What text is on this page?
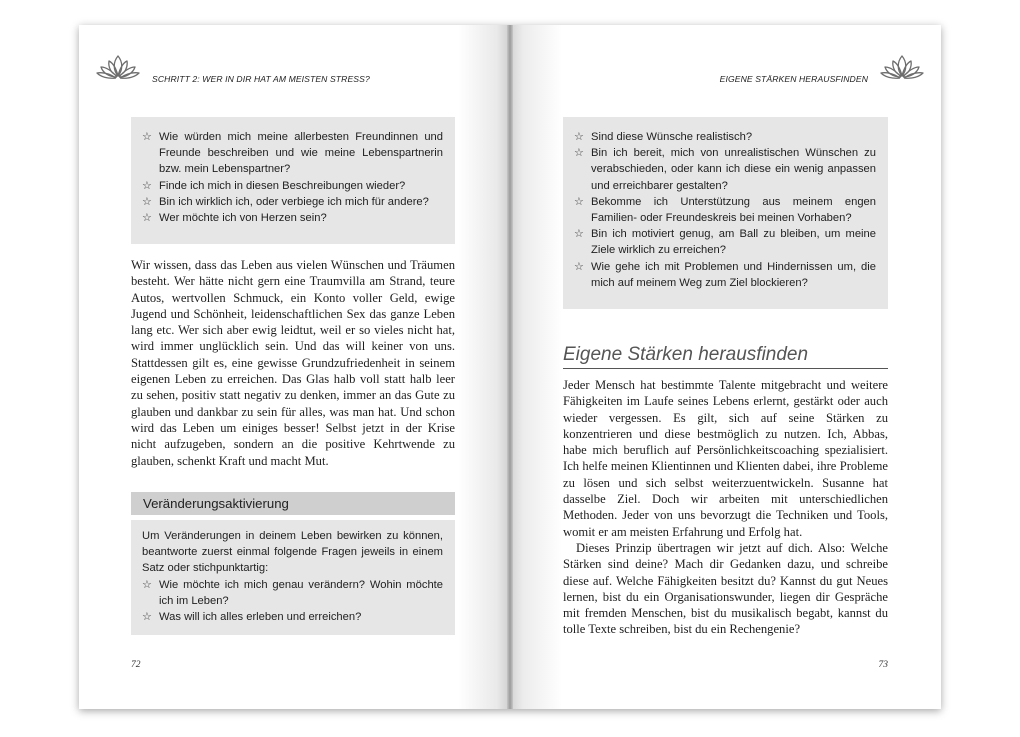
SCHRITT 2: WER IN DIR HAT AM MEISTEN STRESS?
☆ Wie würden mich meine allerbesten Freundinnen und Freunde beschreiben und wie meine Lebenspartnerin bzw. mein Lebenspartner?
☆ Finde ich mich in diesen Beschreibungen wieder?
☆ Bin ich wirklich ich, oder verbiege ich mich für andere?
☆ Wer möchte ich von Herzen sein?

Wir wissen, dass das Leben aus vielen Wünschen und Träumen besteht. Wer hätte nicht gern eine Traumvilla am Strand, teure Autos, wertvollen Schmuck, ein Konto voller Geld, ewige Jugend und Schönheit, leidenschaftlichen Sex das ganze Leben lang etc. Wer sich aber ewig leidtut, weil er so vieles nicht hat, wird immer unglücklich sein. Und das will keiner von uns. Stattdessen gilt es, eine gewisse Grundzufriedenheit in seinem eigenen Leben zu erreichen. Das Glas halb voll statt halb leer zu sehen, positiv statt negativ zu denken, immer an das Gute zu glauben und dankbar zu sein für alles, was man hat. Und schon wird das Leben um einiges besser! Selbst jetzt in der Krise nicht aufzugeben, sondern an die positive Kehrtwende zu glauben, schenkt Kraft und macht Mut.

Veränderungsaktivierung
Um Veränderungen in deinem Leben bewirken zu können, beantworte zuerst einmal folgende Fragen jeweils in einem Satz oder stichpunktartig:
☆ Wie möchte ich mich genau verändern? Wohin möchte ich im Leben?
☆ Was will ich alles erleben und erreichen?
72
EIGENE STÄRKEN HERAUSFINDEN
☆ Sind diese Wünsche realistisch?
☆ Bin ich bereit, mich von unrealistischen Wünschen zu verabschieden, oder kann ich diese ein wenig anpassen und erreichbarer gestalten?
☆ Bekomme ich Unterstützung aus meinem engen Familien- oder Freundeskreis bei meinen Vorhaben?
☆ Bin ich motiviert genug, am Ball zu bleiben, um meine Ziele wirklich zu erreichen?
☆ Wie gehe ich mit Problemen und Hindernissen um, die mich auf meinem Weg zum Ziel blockieren?
Eigene Stärken herausfinden

Jeder Mensch hat bestimmte Talente mitgebracht und weitere Fähigkeiten im Laufe seines Lebens erlernt, gestärkt oder auch wieder vergessen. Es gilt, sich auf seine Stärken zu konzentrieren und diese bestmöglich zu nutzen. Ich, Abbas, habe mich beruflich auf Persönlichkeitscoaching spezialisiert. Ich helfe meinen Klientinnen und Klienten dabei, ihre Probleme zu lösen und sich selbst weiterzuentwickeln. Susanne hat dasselbe Ziel. Doch wir arbeiten mit unterschiedlichen Methoden. Jeder von uns bevorzugt die Techniken und Tools, womit er am meisten Erfahrung und Erfolg hat.

Dieses Prinzip übertragen wir jetzt auf dich. Also: Welche Stärken sind deine? Mach dir Gedanken dazu, und schreibe diese auf. Welche Fähigkeiten besitzt du? Kannst du gut Neues lernen, bist du ein Organisationswunder, liegen dir Gespräche mit fremden Menschen, bist du musikalisch begabt, kannst du tolle Texte schreiben, bist du ein Rechengenie?

73
